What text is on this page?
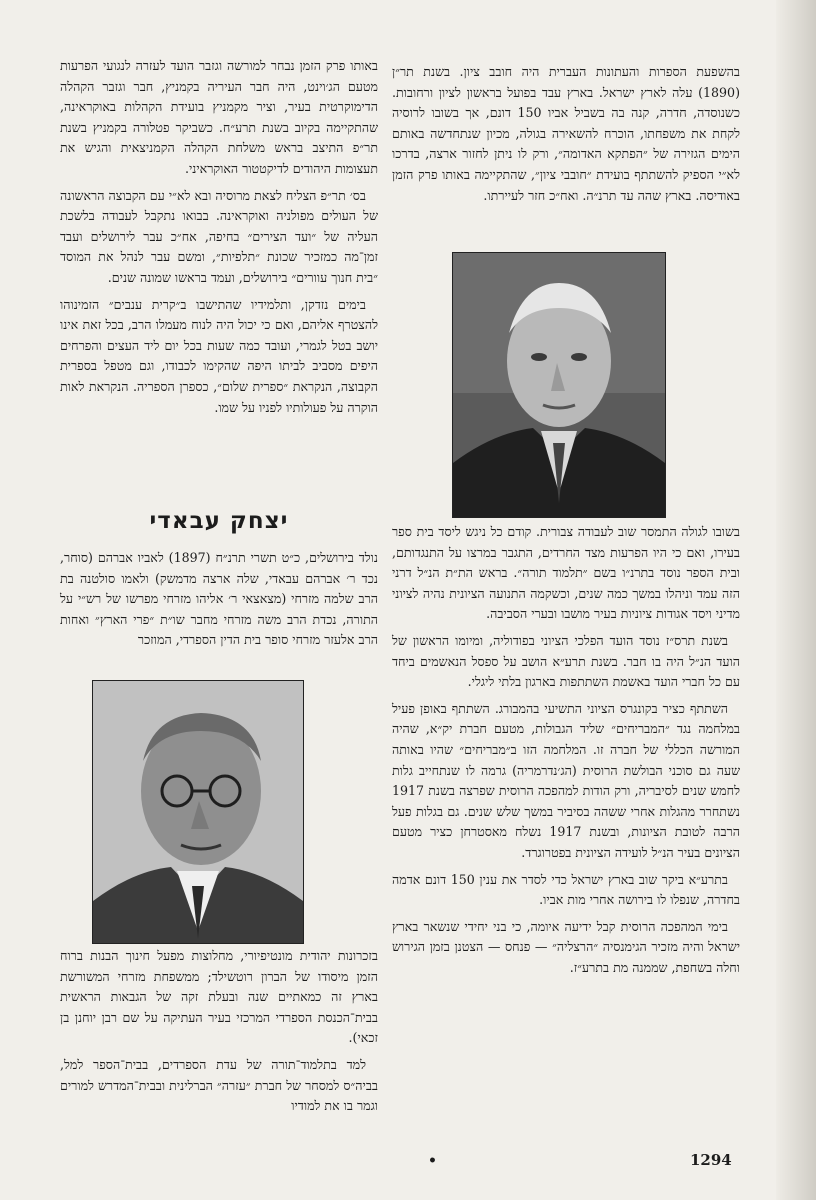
בהשפעת הספרות והעתונות העברית היה חובב ציון. בשנת תר״ן (1890) עלה לארץ ישראל. בארץ עבד בפועל בראשון לציון ורחובות. כשנוסדה, חדרה, קנה בה בשביל אביו 150 דונם, אך בשובו לרוסיה לקחת את משפחתו, הוכרח להשאירה בגולה, מכיון שנתחדשה באותם הימים הגזירה של ״הפתקא האדומה״, ורק לו ניתן לחזור ארצה, בדרכו לא״י הספיק להשתתף בועידת ״חובבי ציון״, שהתקיימה באותו פרק הזמן באודיסה. בארץ שהה עד תרנ״ה. ואח״כ חזר לעיירתו.

בשובו לגולה התמסר שוב לעבודה צבורית. קודם כל ניגש ליסד בית ספר בעירו, ואם כי היו הפרעות מצד החרדים, התגבר במרצו על התנגדותם, ובית הספר נוסד בתרנ״ו בשם ״תלמוד תורה״. בראש הת״ת הנ״ל דרני הזה עמד וניהלו במשך כמה שנים, וכשקמה התנועה הציונית נהיה לציוני מדיני ויסד אגודות ציוניות בעיר מושבו ובערי הסביבה.

בשנת תרס״ז נוסד הועד הפלכי הציוני בפודוליה, ומיומו הראשון של הועד הנ״ל היה בו חבר. בשנת תרע״א הושב על ספסל הנאשמים ביחד עם כל חברי הועד באשמת השתתפות בארגון בלתי ליגלי.

השתתף כציר בקונגרס הציוני התשיעי בהמבורג. השתתף באופן פעיל במלחמה נגד ״המבריחים״ שליד הגבולות, מטעם חברת יק״א, שהיה המורשה הכללי של חברה זו. המלחמה הזו ב״מבריחים״ שהיו באותה שעה גם סוכני הבולשת הרוסית (הג׳נדרמריה) גרמה לו שנתחייב גלות לחמש שנים לסיבריה, ורק הודות למהפכה הרוסית שפרצה בשנת 1917 נשתחרר מהגלות אחרי ששהה בסיביר במשך שלש שנים. גם בגלות פעל הרבה לטובת הציונות, ובשנת 1917 נשלח מאסטרחן כציר מטעם הציונים בעיר הנ״ל לועידה הציונית בפטרוגרד.

בתרע״א ביקר שוב בארץ ישראל כדי לסדר את ענין 150 דונם אדמה בחדרה, שנפלו לו בירושה אחרי מות אביו.

בימי המהפכה הרוסית קבל ידיעה איומה, כי בני יחידי שנשאר בארץ ישראל והיה מזכיר הגימנסיה ״הרצליה״ — פנחס — הצטנן בזמן הגירוש וחלה בשחפת, שממנה מת בתרע״ז.

באותו פרק הזמן נבחר למורשה וגזבר הועד לעזרה לנגועי הפרעות מטעם הג׳וינט, היה חבר העיריה בקמניץ, חבר וגזבר הקהלה הדימוקרטית בעיר, וציר מקמניץ בועידת הקהלות באוקראינה, שהתקיימה בקיוב בשנת תרע״ח. כשביקר פטלורה בקמניץ בשנת תר״פ התיצב בראש משלחת הקהלה הקמניצאית והגיש את תעצומות היהודים לדיקטטור האוקראיני.

בס׳ תר״פ הצליח לצאת מרוסיה ובא לא״י עם הקבוצה הראשונה של העולים מפולניה ואוקראינה. בבואו נתקבל לעבודה בלשכת העליה של ״ועד הצירים״ בחיפה, אח״כ עבר לירושלים ועבד זמן־מה כמזכיר שכונת ״תלפיות״, ומשם עבר לנהל את המוסד ״בית חנוך עוורים״ בירושלים, ועמד בראשו שמונה שנים.

בימים נזדקן, ותלמידיו שהתישבו ב״קרית ענבים״ הזמינוהו להצטרף אליהם, ואם כי יכול היה לנוח מעמלו הרב, בכל זאת אינו יושב בטל לגמרי, ועובד כמה שעות בכל יום ליד העצים והפרחים היפים מסביב לביתו היפה שהקימו לכבודו, וגם מטפל בספרית הקבוצה, הנקראת ״ספרית שלום״, כספרן הספריה. הנקראת לאות הוקרה על פעולותיו לפניו על שמו.

יצחק עבאדי

נולד בירושלים, כ״ט תשרי תרנ״ח (1897) לאביו אברהם (סוחר, נכד ר׳ אברהם עבאדי, שלה ארצה מדמשק) ולאמו סולטנה בת הרב שלמה מזרחי (מצאצאי ר׳ אליהו מזרחי מפרשו של רש״י על התורה, נכדת הרב משה מזרחי מחבר שו״ת ״פרי הארץ״ ואחות הרב אלעזר מזרחי סופר בית הדין הספרדי, המוזכר

בזכרונות יהודית מונטיפיורי, מחלוצות מפעל חינוך הבנות ברוח הזמן מיסודו של הברון רוטשילד; ממשפחת מזרחי המשורשת בארץ זה כמאתיים שנה ובעלת זקה של הגבאות הראשית בבית־הכנסת הספרדי המרכזי בעיר העתיקה על שם רבן יוחנן בן זכאי).

למד בתלמוד־תורה של עדת הספרדים, בבית־הספר למל, בביה״ס למסחר של חברת ״עזרה״ הברלינית ובבית־המדרש למורים וגמר בו את למודיו

•	1294
